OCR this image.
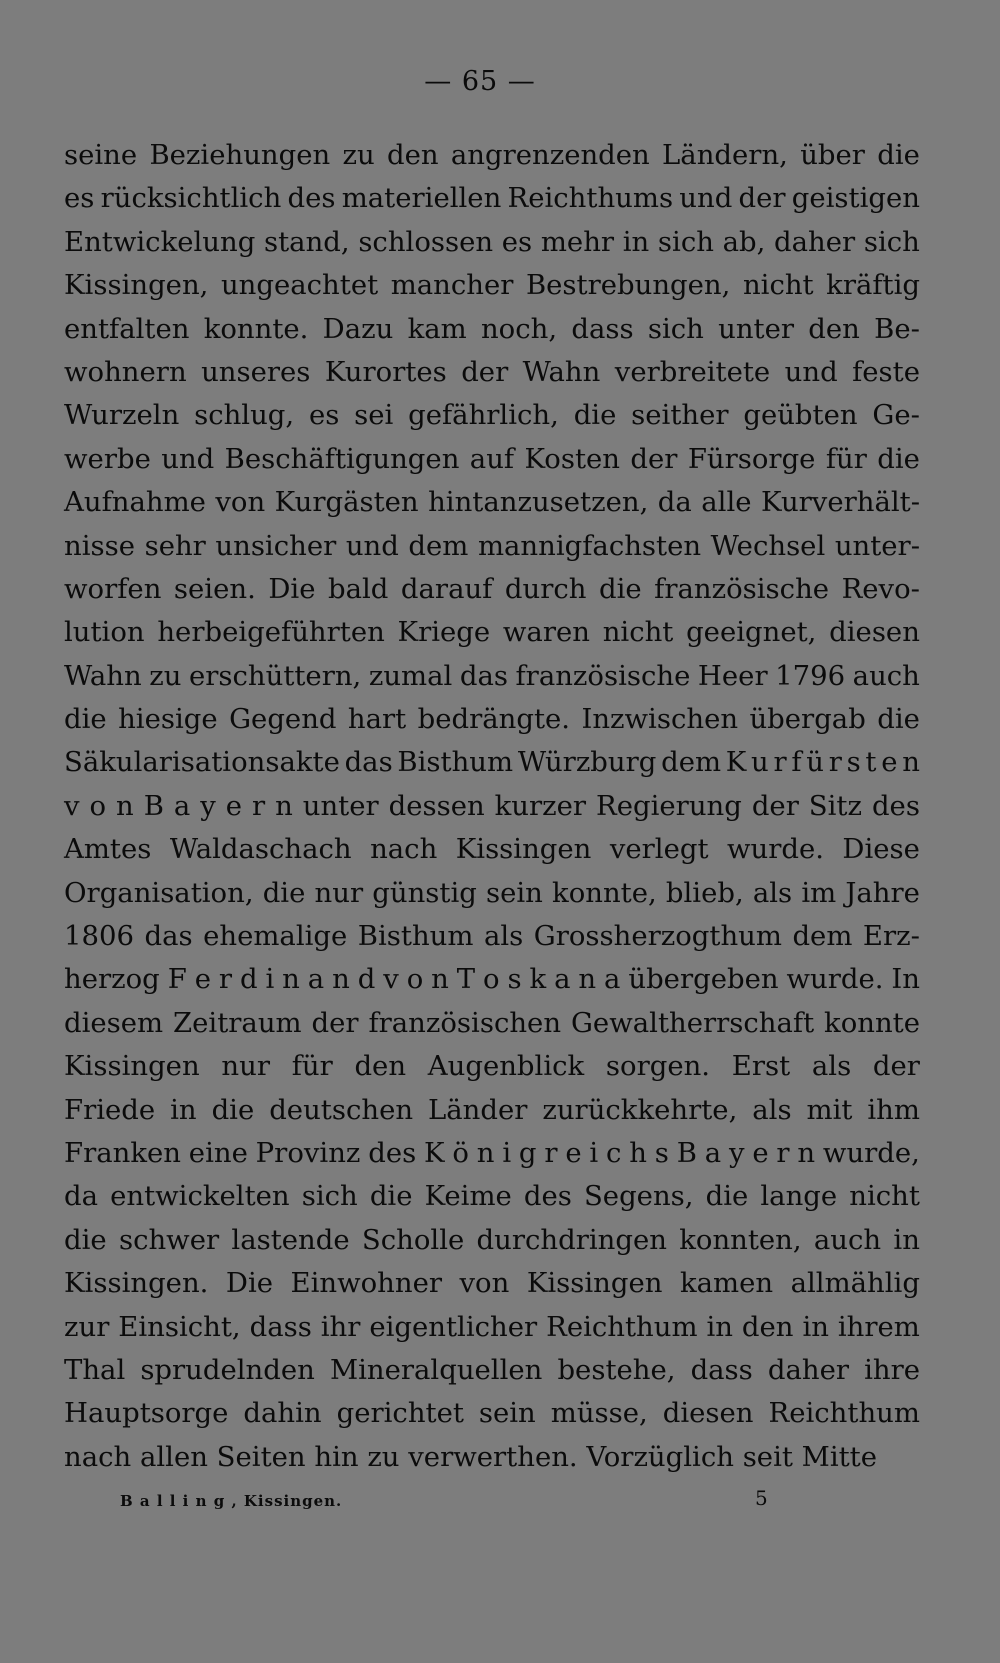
— 65 —
seine Beziehungen zu den angrenzenden Ländern, über die
es rücksichtlich des materiellen Reichthums und der geistigen
Entwickelung stand, schlossen es mehr in sich ab, daher sich
Kissingen, ungeachtet mancher Bestrebungen, nicht kräftig
entfalten konnte. Dazu kam noch, dass sich unter den Be-
wohnern unseres Kurortes der Wahn verbreitete und feste
Wurzeln schlug, es sei gefährlich, die seither geübten Ge-
werbe und Beschäftigungen auf Kosten der Fürsorge für die
Aufnahme von Kurgästen hintanzusetzen, da alle Kurverhält-
nisse sehr unsicher und dem mannigfachsten Wechsel unter-
worfen seien. Die bald darauf durch die französische Revo-
lution herbeigeführten Kriege waren nicht geeignet, diesen
Wahn zu erschüttern, zumal das französische Heer 1796 auch
die hiesige Gegend hart bedrängte. Inzwischen übergab die
Säkularisationsakte das Bisthum Würzburg dem K u r f ü r s t e n
v o n B a y e r n unter dessen kurzer Regierung der Sitz des
Amtes Waldaschach nach Kissingen verlegt wurde. Diese
Organisation, die nur günstig sein konnte, blieb, als im Jahre
1806 das ehemalige Bisthum als Grossherzogthum dem Erz-
herzog F e r d i n a n d v o n T o s k a n a übergeben wurde. In
diesem Zeitraum der französischen Gewaltherrschaft konnte
Kissingen nur für den Augenblick sorgen. Erst als der
Friede in die deutschen Länder zurückkehrte, als mit ihm
Franken eine Provinz des K ö n i g r e i c h s B a y e r n wurde,
da entwickelten sich die Keime des Segens, die lange nicht
die schwer lastende Scholle durchdringen konnten, auch in
Kissingen. Die Einwohner von Kissingen kamen allmählig
zur Einsicht, dass ihr eigentlicher Reichthum in den in ihrem
Thal sprudelnden Mineralquellen bestehe, dass daher ihre
Hauptsorge dahin gerichtet sein müsse, diesen Reichthum
nach allen Seiten hin zu verwerthen. Vorzüglich seit Mitte
B a l l i n g , Kissingen.	5
